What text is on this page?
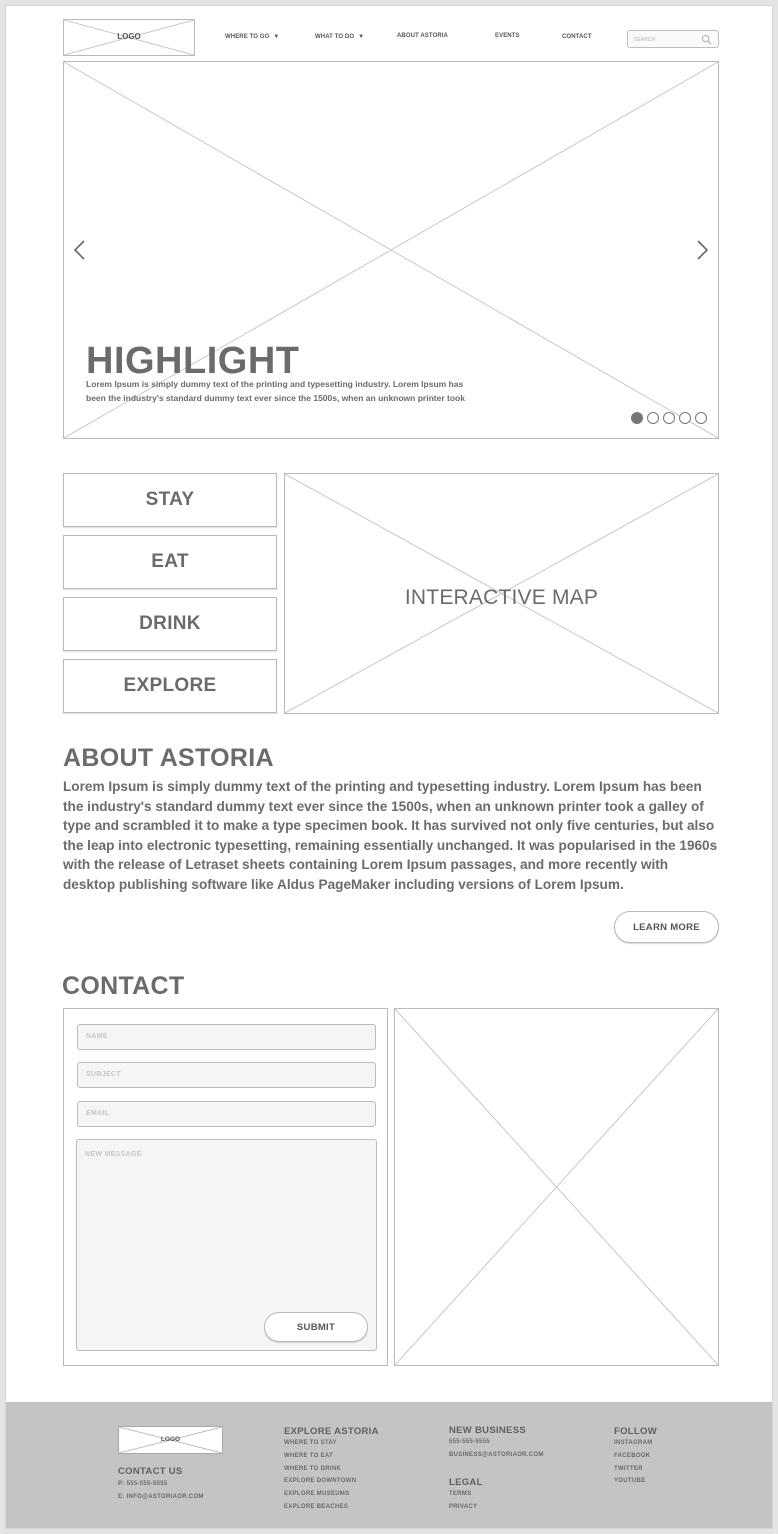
LOGO	WHERE TO GO ▼	WHAT TO DO ▼	ABOUT ASTORIA	EVENTS	CONTACT	SEARCH
HIGHLIGHT
Lorem Ipsum is simply dummy text of the printing and typesetting industry. Lorem Ipsum has been the industry's standard dummy text ever since the 1500s, when an unknown printer took
STAY
EAT
DRINK
EXPLORE
INTERACTIVE MAP
ABOUT ASTORIA
Lorem Ipsum is simply dummy text of the printing and typesetting industry. Lorem Ipsum has been the industry's standard dummy text ever since the 1500s, when an unknown printer took a galley of type and scrambled it to make a type specimen book. It has survived not only five centuries, but also the leap into electronic typesetting, remaining essentially unchanged. It was popularised in the 1960s with the release of Letraset sheets containing Lorem Ipsum passages, and more recently with desktop publishing software like Aldus PageMaker including versions of Lorem Ipsum.
LEARN MORE
CONTACT
NAME
SUBJECT
EMAIL
NEW MESSAGE
SUBMIT
LOGO
CONTACT US
P: 555-555-5555
E: INFO@ASTORIAOR.COM
EXPLORE ASTORIA
WHERE TO STAY
WHERE TO EAT
WHERE TO DRINK
EXPLORE DOWNTOWN
EXPLORE MUSEUMS
EXPLORE BEACHES
NEW BUSINESS
555-555-5555
BUSINESS@ASTORIAOR.COM
LEGAL
TERMS
PRIVACY
FOLLOW
INSTAGRAM
FACEBOOK
TWITTER
YOUTUBE
